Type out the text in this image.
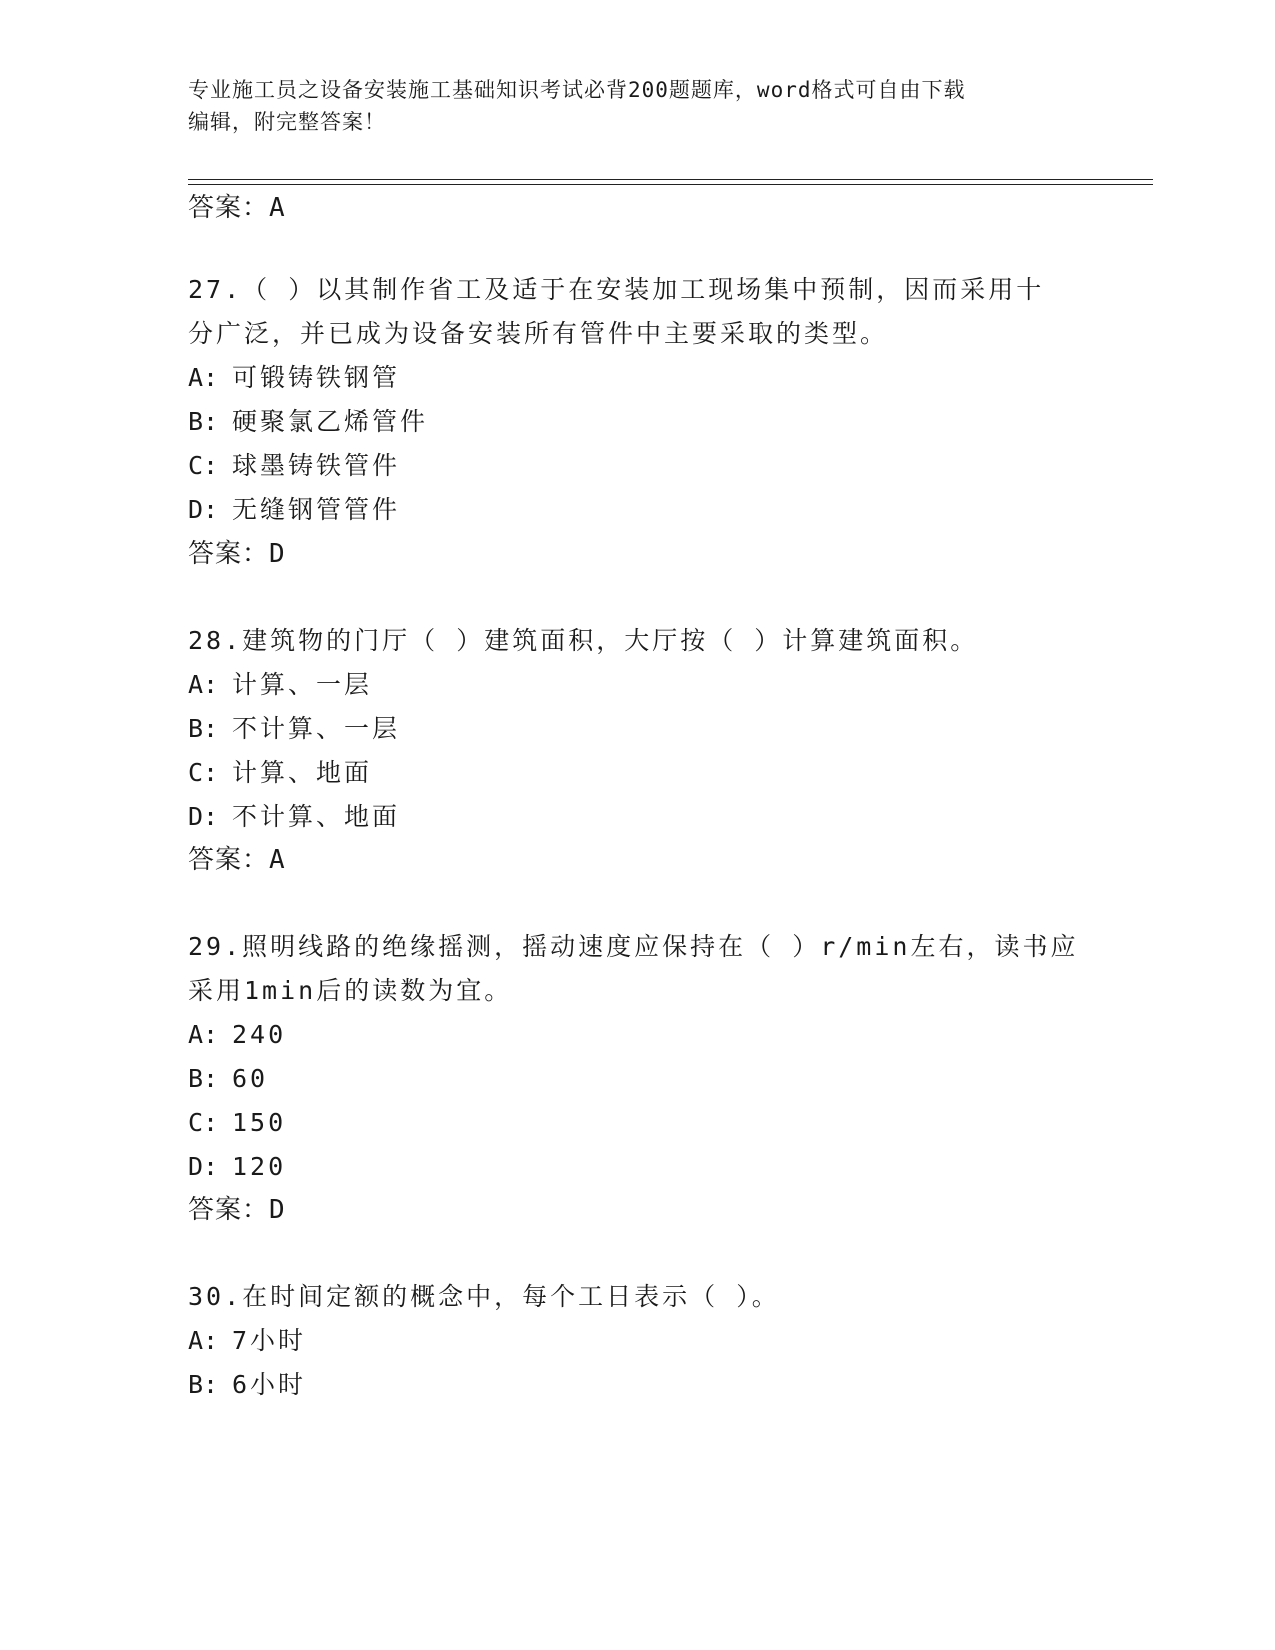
专业施工员之设备安装施工基础知识考试必背200题题库，word格式可自由下载
编辑，附完整答案！
答案：A
27.（ ）以其制作省工及适于在安装加工现场集中预制，因而采用十
分广泛，并已成为设备安装所有管件中主要采取的类型。
A: 可锻铸铁钢管
B: 硬聚氯乙烯管件
C: 球墨铸铁管件
D: 无缝钢管管件
答案：D
28.建筑物的门厅（ ）建筑面积，大厅按（ ）计算建筑面积。
A: 计算、一层
B: 不计算、一层
C: 计算、地面
D: 不计算、地面
答案：A
29.照明线路的绝缘摇测，摇动速度应保持在（ ）r/min左右，读书应
采用1min后的读数为宜。
A: 240
B: 60
C: 150
D: 120
答案：D
30.在时间定额的概念中，每个工日表示（ ）。
A: 7小时
B: 6小时
